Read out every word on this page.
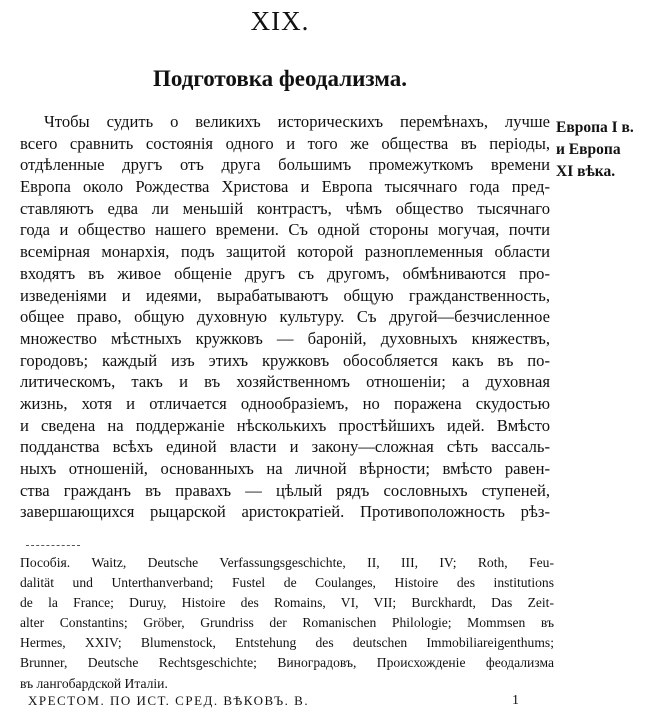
XIX.
Подготовка феодализма.
Чтобы судить о великихъ историческихъ перемѣнахъ, лучше
всего сравнить состоянiя одного и того же общества въ перiоды,
отдѣленные другъ отъ друга большимъ промежуткомъ времени
Европа около Рождества Христова и Европа тысячнаго года пред-
ставляютъ едва ли меньшiй контрастъ, чѣмъ общество тысячнаго
года и общество нашего времени. Съ одной стороны могучая, почти
всемiрная монархiя, подъ защитой которой разноплеменныя области
входятъ въ живое общенiе другъ съ другомъ, обмѣниваются про-
изведенiями и идеями, вырабатываютъ общую гражданственность,
общее право, общую духовную культуру. Съ другой—безчисленное
множество мѣстныхъ кружковъ — баронiй, духовныхъ княжествъ,
городовъ; каждый изъ этихъ кружковъ обособляется какъ въ по-
литическомъ, такъ и въ хозяйственномъ отношенiи; а духовная
жизнь, хотя и отличается однообразiемъ, но поражена скудостью
и сведена на поддержанiе нѣсколькихъ простѣйшихъ идей. Вмѣсто
подданства всѣхъ единой власти и закону—сложная сѣть вассаль-
ныхъ отношенiй, основанныхъ на личной вѣрности; вмѣсто равен-
ства гражданъ въ правахъ — цѣлый рядъ сословныхъ ступеней,
завершающихся рыцарской аристократiей. Противоположность рѣз-
Европа I в.
и Европа
XI вѣка.
Пособiя. Waitz, Deutsche Verfassungsgeschichte, II, III, IV; Roth, Feu-
dalität und Unterthanverband; Fustel de Coulanges, Histoire des institutions
de la France; Duruy, Histoire des Romains, VI, VII; Burckhardt, Das Zeit-
alter Constantins; Gröber, Grundriss der Romanischen Philologie; Mommsen въ
Hermes, XXIV; Blumenstock, Entstehung des deutschen Immobiliareigenthums;
Brunner, Deutsche Rechtsgeschichte; Виноградовъ, Происхожденiе феодализма
въ лангобардской Италiи.
ХРЕСТОМ. ПО ИСТ. СРЕД. ВѢКОВЪ. В.	1
